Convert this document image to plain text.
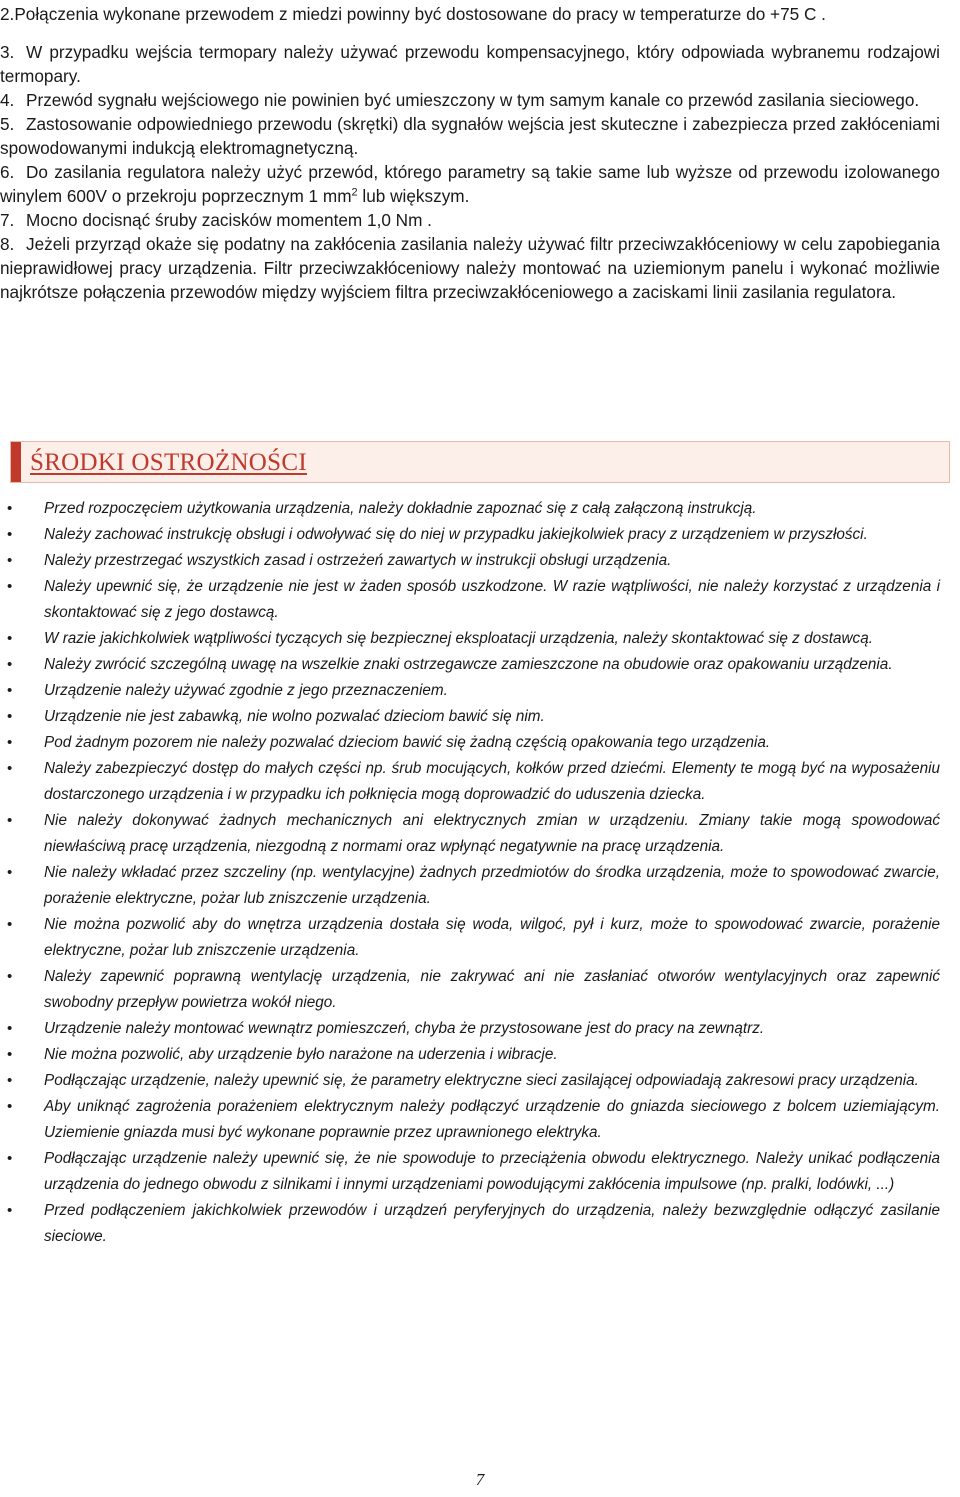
2.Połączenia wykonane przewodem z miedzi powinny być dostosowane do pracy w temperaturze do +75 C .
3. W przypadku wejścia termopary należy używać przewodu kompensacyjnego, który odpowiada wybranemu rodzajowi termopary.
4. Przewód sygnału wejściowego nie powinien być umieszczony w tym samym kanale co przewód zasilania sieciowego.
5. Zastosowanie odpowiedniego przewodu (skrętki) dla sygnałów wejścia jest skuteczne i zabezpiecza przed zakłóceniami spowodowanymi indukcją elektromagnetyczną.
6. Do zasilania regulatora należy użyć przewód, którego parametry są takie same lub wyższe od przewodu izolowanego winylem 600V o przekroju poprzecznym 1 $mm^2$ lub większym.
7. Mocno docisnąć śruby zacisków momentem 1,0 Nm .
8. Jeżeli przyrząd okaże się podatny na zakłócenia zasilania należy używać filtr przeciwzakłóceniowy w celu zapobiegania nieprawidłowej pracy urządzenia. Filtr przeciwzakłóceniowy należy montować na uziemionym panelu i wykonać możliwie najkrótsze połączenia przewodów między wyjściem filtra przeciwzakłóceniowego a zaciskami linii zasilania regulatora.
ŚRODKI OSTROŻNOŚCI
• Przed rozpoczęciem użytkowania urządzenia, należy dokładnie zapoznać się z całą załączoną instrukcją.
• Należy zachować instrukcję obsługi i odwoływać się do niej w przypadku jakiejkolwiek pracy z urządzeniem w przyszłości.
• Należy przestrzegać wszystkich zasad i ostrzeżeń zawartych w instrukcji obsługi urządzenia.
• Należy upewnić się, że urządzenie nie jest w żaden sposób uszkodzone. W razie wątpliwości, nie należy korzystać z urządzenia i skontaktować się z jego dostawcą.
• W razie jakichkolwiek wątpliwości tyczących się bezpiecznej eksploatacji urządzenia, należy skontaktować się z dostawcą.
• Należy zwrócić szczególną uwagę na wszelkie znaki ostrzegawcze zamieszczone na obudowie oraz opakowaniu urządzenia.
• Urządzenie należy używać zgodnie z jego przeznaczeniem.
• Urządzenie nie jest zabawką, nie wolno pozwalać dzieciom bawić się nim.
• Pod żadnym pozorem nie należy pozwalać dzieciom bawić się żadną częścią opakowania tego urządzenia.
• Należy zabezpieczyć dostęp do małych części np. śrub mocujących, kołków przed dziećmi. Elementy te mogą być na wyposażeniu dostarczonego urządzenia i w przypadku ich połknięcia mogą doprowadzić do uduszenia dziecka.
• Nie należy dokonywać żadnych mechanicznych ani elektrycznych zmian w urządzeniu. Zmiany takie mogą spowodować niewłaściwą pracę urządzenia, niezgodną z normami oraz wpłynąć negatywnie na pracę urządzenia.
• Nie należy wkładać przez szczeliny (np. wentylacyjne) żadnych przedmiotów do środka urządzenia, może to spowodować zwarcie, porażenie elektryczne, pożar lub zniszczenie urządzenia.
• Nie można pozwolić aby do wnętrza urządzenia dostała się woda, wilgoć, pył i kurz, może to spowodować zwarcie, porażenie elektryczne, pożar lub zniszczenie urządzenia.
• Należy zapewnić poprawną wentylację urządzenia, nie zakrywać ani nie zasłaniać otworów wentylacyjnych oraz zapewnić swobodny przepływ powietrza wokół niego.
• Urządzenie należy montować wewnątrz pomieszczeń, chyba że przystosowane jest do pracy na zewnątrz.
• Nie można pozwolić, aby urządzenie było narażone na uderzenia i wibracje.
• Podłączając urządzenie, należy upewnić się, że parametry elektryczne sieci zasilającej odpowiadają zakresowi pracy urządzenia.
• Aby uniknąć zagrożenia porażeniem elektrycznym należy podłączyć urządzenie do gniazda sieciowego z bolcem uziemiającym. Uziemienie gniazda musi być wykonane poprawnie przez uprawnionego elektryka.
• Podłączając urządzenie należy upewnić się, że nie spowoduje to przeciążenia obwodu elektrycznego. Należy unikać podłączenia urządzenia do jednego obwodu z silnikami i innymi urządzeniami powodującymi zakłócenia impulsowe (np. pralki, lodówki, ...)
• Przed podłączeniem jakichkolwiek przewodów i urządzeń peryferyjnych do urządzenia, należy bezwzględnie odłączyć zasilanie sieciowe.
7
